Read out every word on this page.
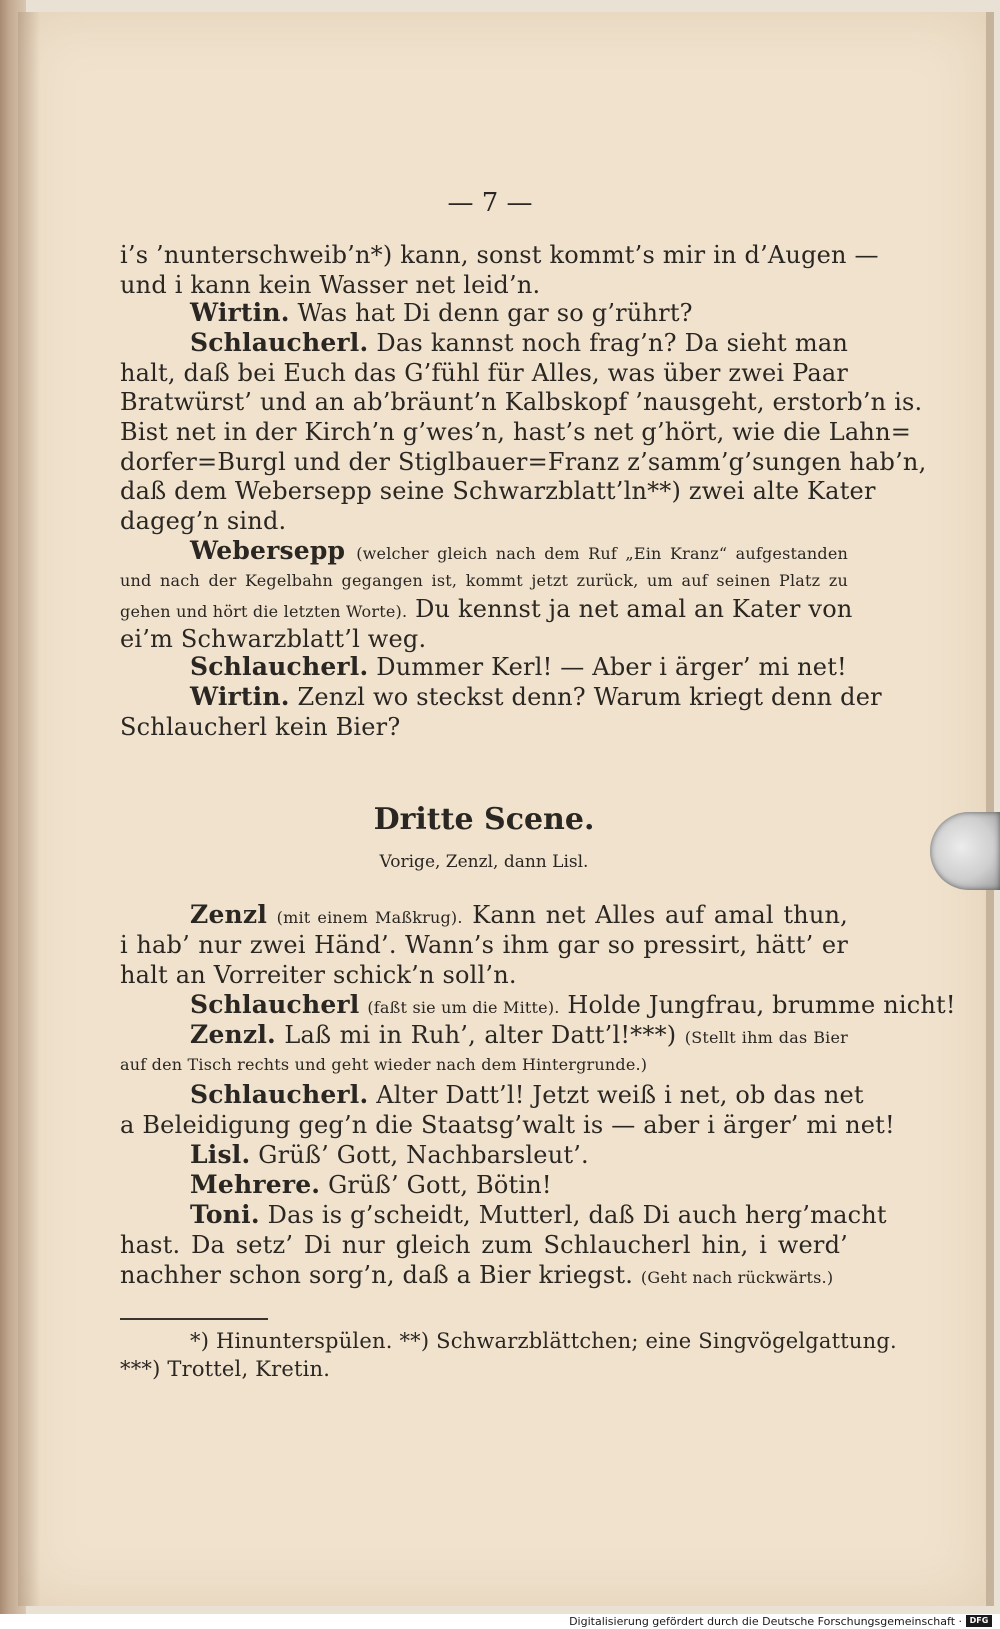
— 7 —
i’s ’nunterschweib’n*) kann, sonst kommt’s mir in d’Augen —
und i kann kein Wasser net leid’n.
Wirtin. Was hat Di denn gar so g’rührt?
Schlaucherl. Das kannst noch frag’n? Da sieht man
halt, daß bei Euch das G’fühl für Alles, was über zwei Paar
Bratwürst’ und an ab’bräunt’n Kalbskopf ’nausgeht, erstorb’n is.
Bist net in der Kirch’n g’wes’n, hast’s net g’hört, wie die Lahn=
dorfer=Burgl und der Stiglbauer=Franz z’samm’g’sungen hab’n,
daß dem Webersepp seine Schwarzblatt’ln**) zwei alte Kater
dageg’n sind.
Webersepp (welcher gleich nach dem Ruf „Ein Kranz“ aufgestanden
und nach der Kegelbahn gegangen ist, kommt jetzt zurück, um auf seinen Platz zu
gehen und hört die letzten Worte). Du kennst ja net amal an Kater von
ei’m Schwarzblatt’l weg.
Schlaucherl. Dummer Kerl! — Aber i ärger’ mi net!
Wirtin. Zenzl wo steckst denn? Warum kriegt denn der
Schlaucherl kein Bier?
Dritte Scene.
Vorige, Zenzl, dann Lisl.
Zenzl (mit einem Maßkrug). Kann net Alles auf amal thun,
i hab’ nur zwei Händ’. Wann’s ihm gar so pressirt, hätt’ er
halt an Vorreiter schick’n soll’n.
Schlaucherl (faßt sie um die Mitte). Holde Jungfrau, brumme nicht!
Zenzl. Laß mi in Ruh’, alter Datt’l!***) (Stellt ihm das Bier
auf den Tisch rechts und geht wieder nach dem Hintergrunde.)
Schlaucherl. Alter Datt’l! Jetzt weiß i net, ob das net
a Beleidigung geg’n die Staatsg’walt is — aber i ärger’ mi net!
Lisl. Grüß’ Gott, Nachbarsleut’.
Mehrere. Grüß’ Gott, Bötin!
Toni. Das is g’scheidt, Mutterl, daß Di auch herg’macht
hast. Da setz’ Di nur gleich zum Schlaucherl hin, i werd’
nachher schon sorg’n, daß a Bier kriegst. (Geht nach rückwärts.)
*) Hinunterspülen. **) Schwarzblättchen; eine Singvögelgattung.
***) Trottel, Kretin.
Digitalisierung gefördert durch die Deutsche Forschungsgemeinschaft · DFG
